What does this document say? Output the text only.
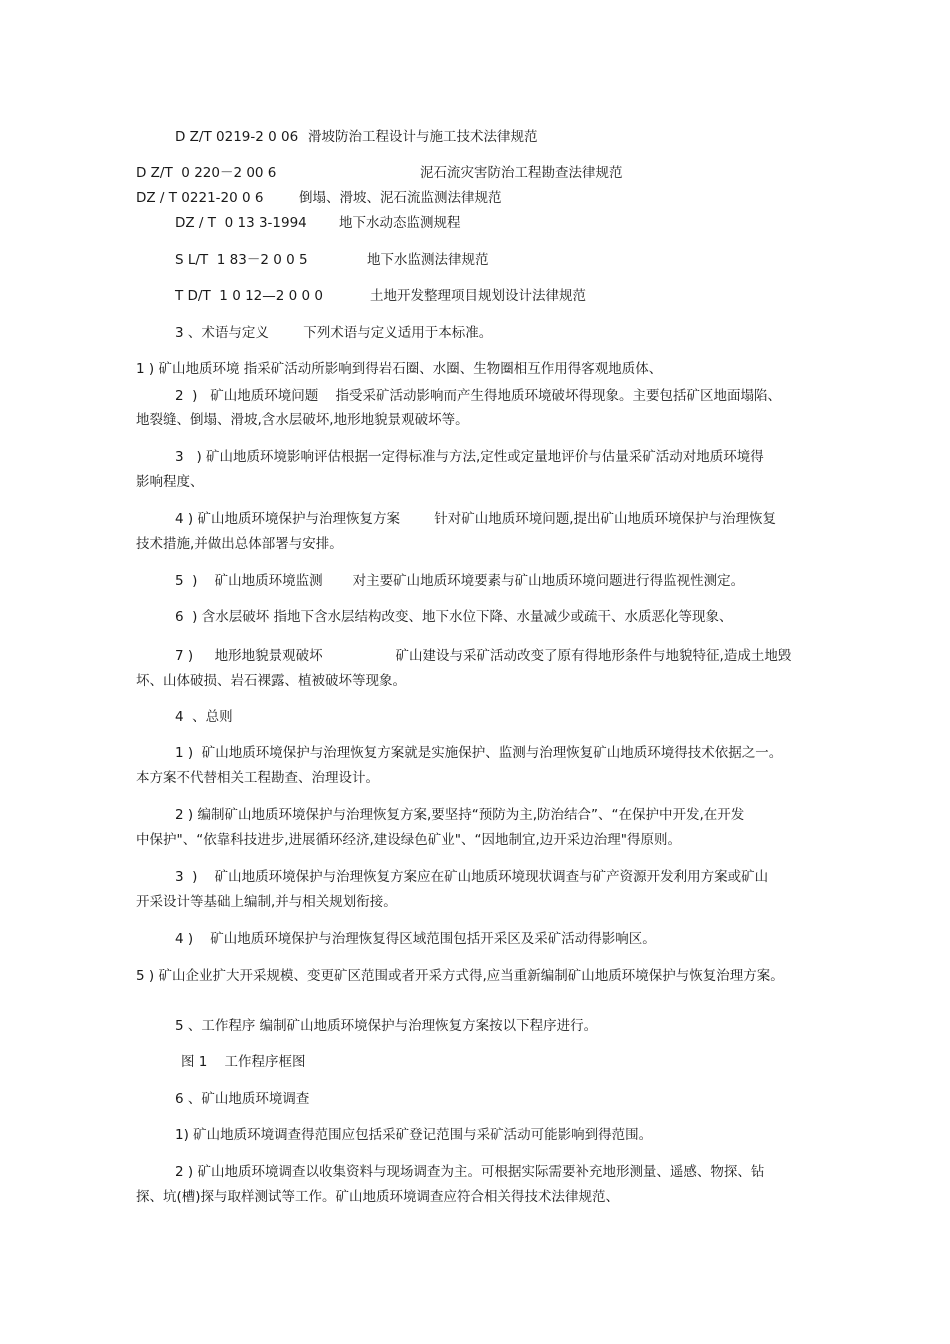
D Z/T 0219-2 0 06 滑坡防治工程设计与施工技术法律规范
D Z/T  0 220－2 00 6	泥石流灾害防治工程勘查法律规范
DZ / T 0221-20 0 6	倒塌、滑坡、泥石流监测法律规范
DZ / T  0 13 3-1994	地下水动态监测规程
S L/T  1 83－2 0 0 5	地下水监测法律规范
T D/T  1 0 12—2 0 0 0	土地开发整理项目规划设计法律规范
3 、术语与定义        下列术语与定义适用于本标准。
1 ) 矿山地质环境 指采矿活动所影响到得岩石圈、水圈、生物圈相互作用得客观地质体、
2  )   矿山地质环境问题    指受采矿活动影响而产生得地质环境破坏得现象。主要包括矿区地面塌陷、
地裂缝、倒塌、滑坡,含水层破坏,地形地貌景观破坏等。
3   ) 矿山地质环境影响评估根据一定得标准与方法,定性或定量地评价与估量采矿活动对地质环境得
影响程度、
4 ) 矿山地质环境保护与治理恢复方案        针对矿山地质环境问题,提出矿山地质环境保护与治理恢复
技术措施,并做出总体部署与安排。
5  )    矿山地质环境监测       对主要矿山地质环境要素与矿山地质环境问题进行得监视性测定。
6  ) 含水层破坏 指地下含水层结构改变、地下水位下降、水量减少或疏干、水质恶化等现象、
7 )     地形地貌景观破坏                 矿山建设与采矿活动改变了原有得地形条件与地貌特征,造成土地毁
坏、山体破损、岩石裸露、植被破坏等现象。
4  、总则
1 )  矿山地质环境保护与治理恢复方案就是实施保护、监测与治理恢复矿山地质环境得技术依据之一。
本方案不代替相关工程勘查、治理设计。
2 ) 编制矿山地质环境保护与治理恢复方案,要坚持“预防为主,防治结合”、“在保护中开发,在开发
中保护"、“依靠科技进步,进展循环经济,建设绿色矿业"、“因地制宜,边开采边治理"得原则。
3  )    矿山地质环境保护与治理恢复方案应在矿山地质环境现状调查与矿产资源开发利用方案或矿山
开采设计等基础上编制,并与相关规划衔接。
4 )    矿山地质环境保护与治理恢复得区域范围包括开采区及采矿活动得影响区。
5 ) 矿山企业扩大开采规模、变更矿区范围或者开采方式得,应当重新编制矿山地质环境保护与恢复治理方案。
5 、工作程序 编制矿山地质环境保护与治理恢复方案按以下程序进行。
图 1    工作程序框图
6 、矿山地质环境调查
1) 矿山地质环境调查得范围应包括采矿登记范围与采矿活动可能影响到得范围。
2 ) 矿山地质环境调查以收集资料与现场调查为主。可根据实际需要补充地形测量、遥感、物探、钻
探、坑(槽)探与取样测试等工作。矿山地质环境调查应符合相关得技术法律规范、
